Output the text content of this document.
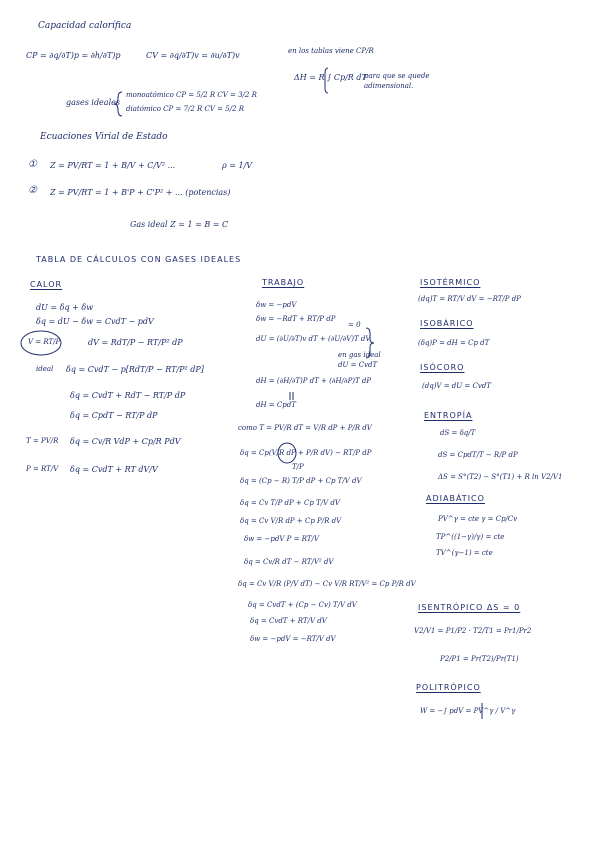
Capacidad calorífica
CP = ∂q/∂T)p = ∂h/∂T)p	CV = ∂q/∂T)v = ∂u/∂T)v	en los tablas viene CP/R
ΔH = R ∫ Cp/R dT
para que se quede adimensional.
gases ideales
monoatómico CP = 5/2 R CV = 3/2 R
diatómico CP = 7/2 R CV = 5/2 R
Ecuaciones Virial de Estado
① Z = PV/RT = 1 + B/V + C/V² ...	ρ = 1/V
② Z = PV/RT = 1 + B'P + C'P² + ... (potencias)
Gas ideal Z = 1 = B = C
TABLA DE CÁLCULOS CON GASES IDEALES
CALOR	TRABAJO	ISOTÉRMICO
dU = δq + δw
δq = dU − δw = CvdT − pdV
V = RT/P	dV = RdT/P − RT/P² dP
ideal δq = CvdT − p[RdT/P − RT/P² dP]
δq = CvdT + RdT − RT/P dP
δq = CpdT − RT/P dP
T = PV/R δq = Cv/R VdP + Cp/R PdV
P = RT/V δq = CvdT + RT dV/V
δw = −pdV
δw = −RdT + RT/P dP
dU = (∂U/∂T)v dT + (∂U/∂V)T dV
= 0
en gas ideal
dU = CvdT
dH = (∂H/∂T)P dT + (∂H/∂P)T dP
dH = CpdT
como T = PV/R dT = V/R dP + P/R dV
δq = Cp(V/R dP + P/R dV) − RT/P dP
T/P
δq = (Cp − R) T/P dP + Cp T/V dV
δq = Cv T/P dP + Cp T/V dV
δq = Cv V/R dP + Cp P/R dV
δw = −pdV P = RT/V
δq = Cv/R dT − RT/V² dV
δq = Cv V/R (P/V dT) − Cv V/R RT/V² = Cp P/R dV
δq = CvdT + (Cp − Cv) T/V dV
δq = CvdT + RT/V dV
δw = −pdV = −RT/V dV
(dq)T = RT/V dV = −RT/P dP
ISOBÁRICO
(δq)P = dH = Cp dT
ISÓCORO
(dq)V = dU = CvdT
ENTROPÍA
dS = δq/T
dS = CpdT/T − R/P dP
ΔS = S°(T2) − S°(T1) + R ln V2/V1
ADIABÁTICO
PV^γ = cte γ = Cp/Cv
TP^((1−γ)/γ) = cte
TV^(γ−1) = cte
ISENTRÓPICO ΔS = 0
V2/V1 = P1/P2 · T2/T1 = Pr1/Pr2
P2/P1 = Pr(T2)/Pr(T1)
POLITRÓPICO
W = −∫ pdV = PV^γ / V^γ
